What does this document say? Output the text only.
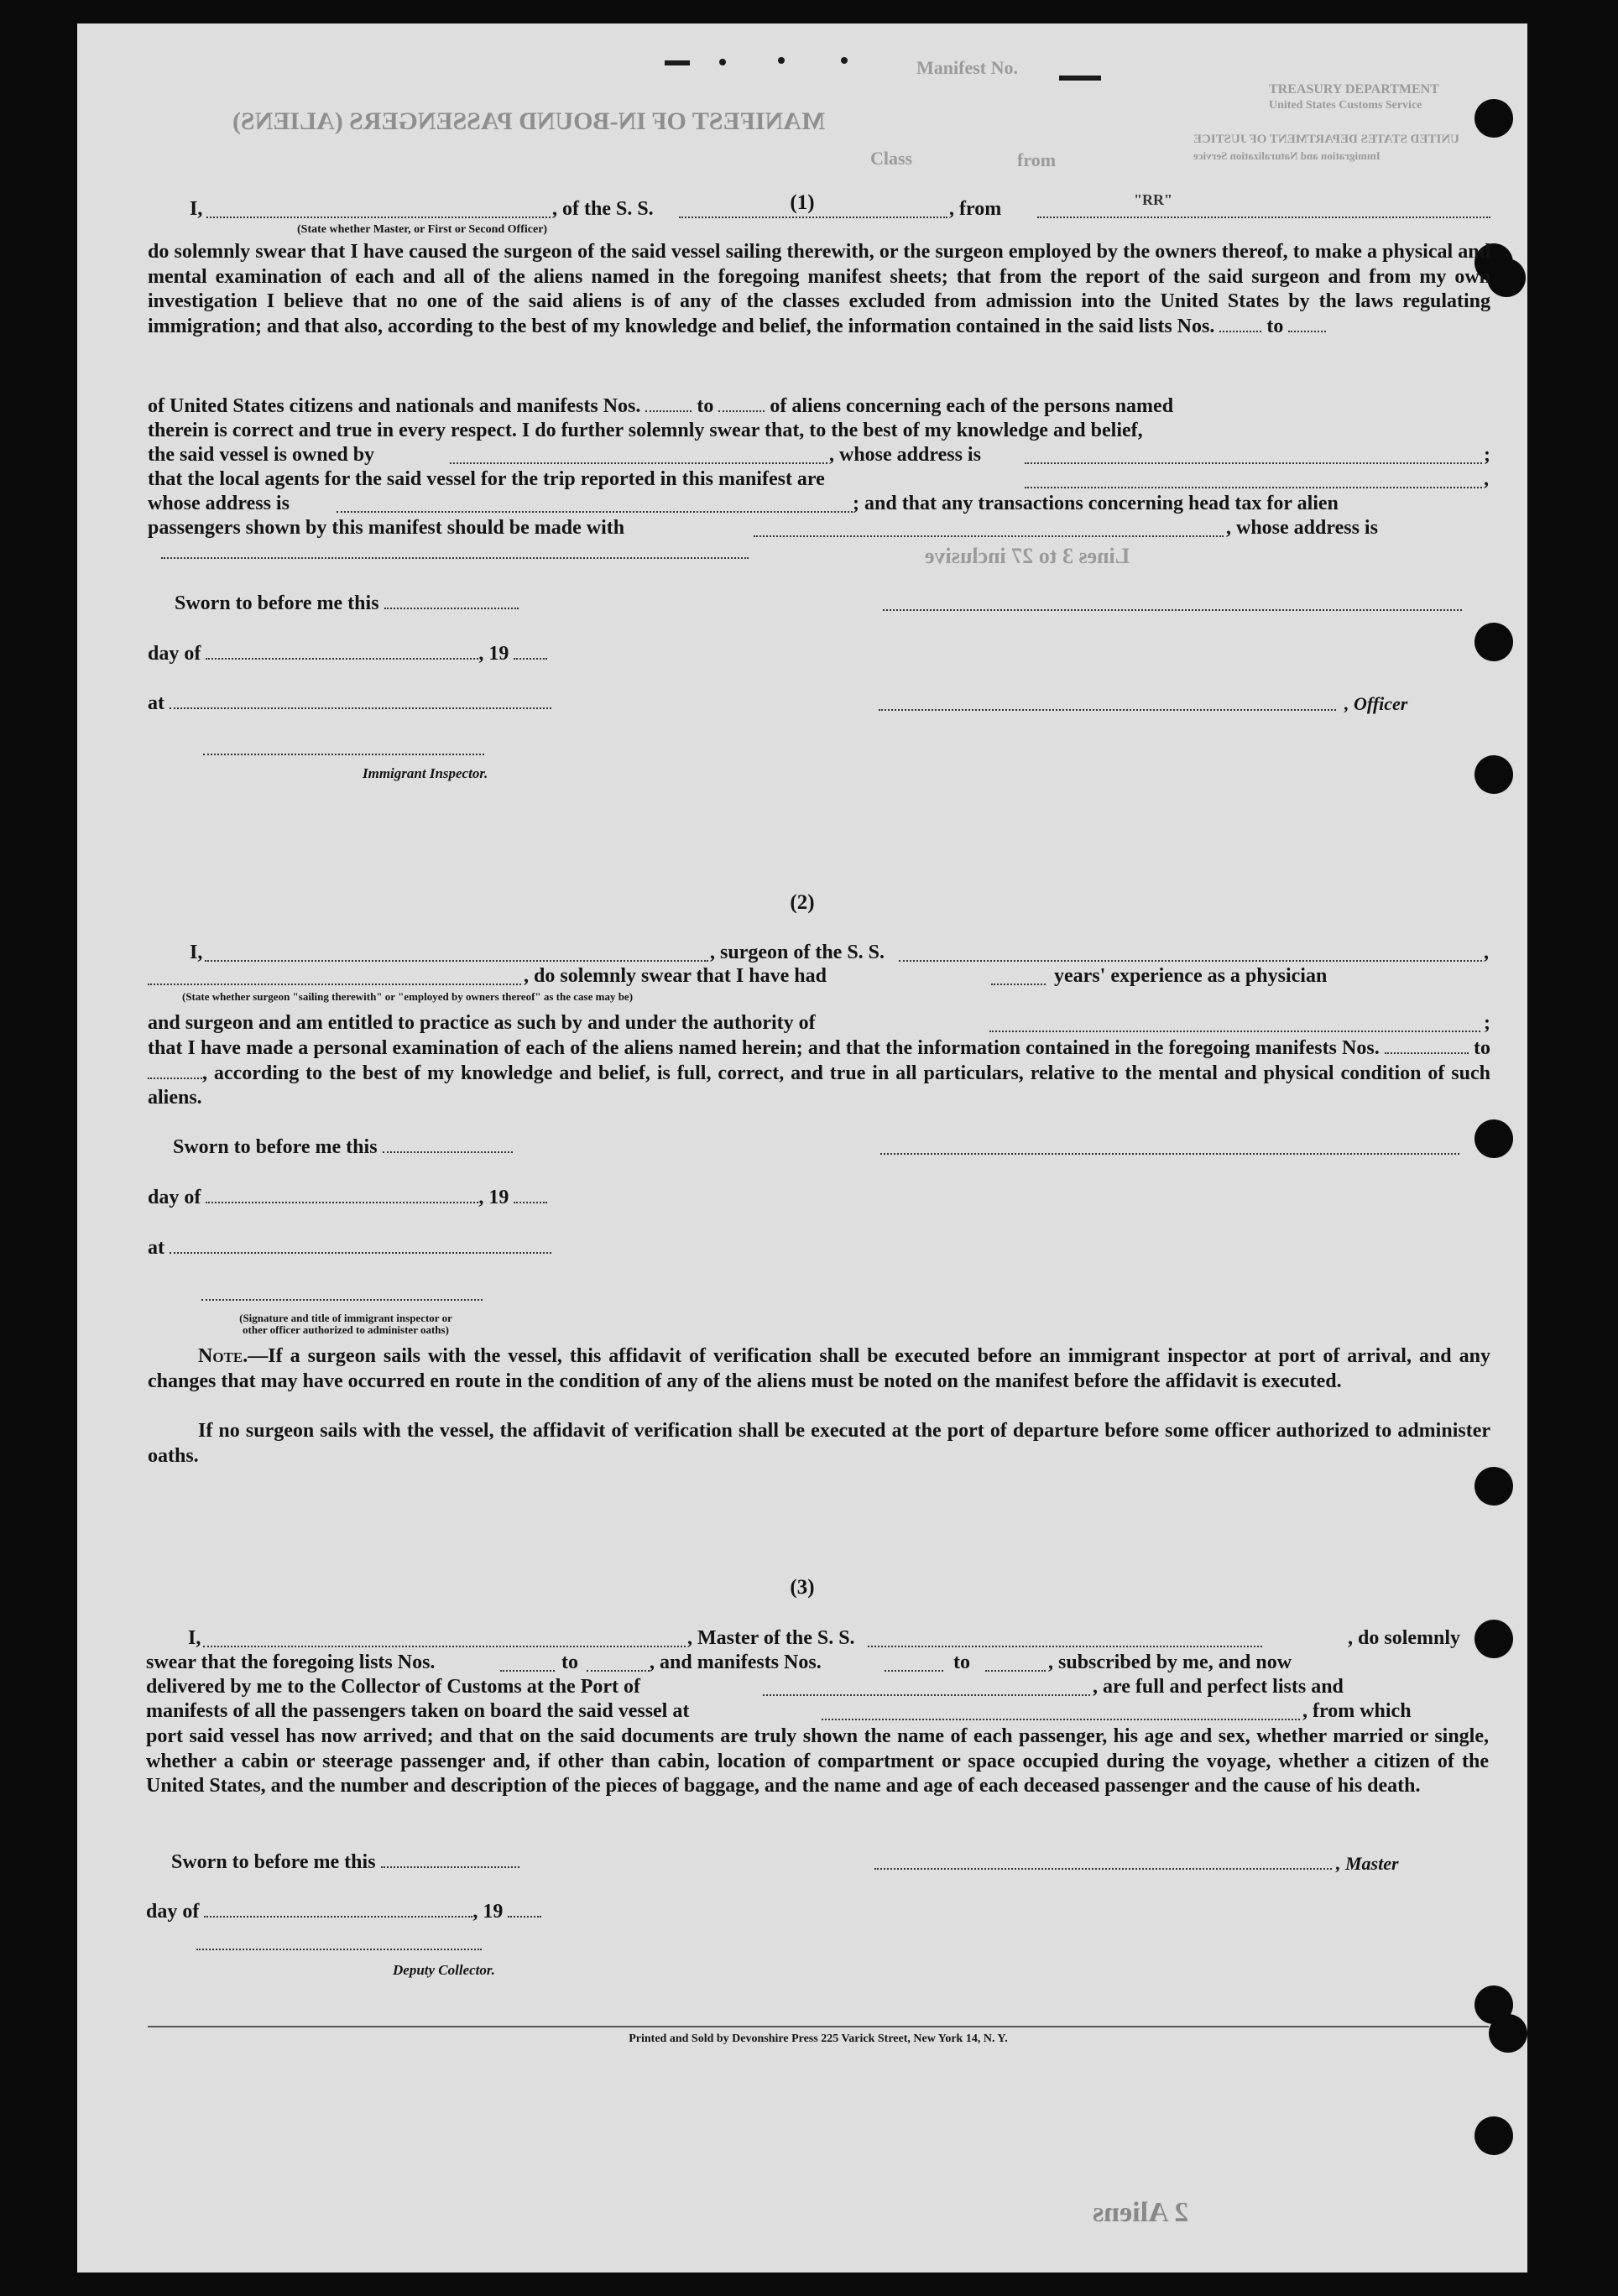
Manifest No.
MANIFEST OF IN-BOUND PASSENGERS (ALIENS)
Class	from
TREASURY DEPARTMENT
United States Customs Service
UNITED STATES DEPARTMENT OF JUSTICE
Immigration and Naturalization Service
(1)
I,	, of the S. S.	, from	"RR"
(State whether Master, or First or Second Officer)
do solemnly swear that I have caused the surgeon of the said vessel sailing therewith, or the surgeon employed by the owners thereof, to make a physical and mental examination of each and all of the aliens named in the foregoing manifest sheets; that from the report of the said surgeon and from my own investigation I believe that no one of the said aliens is of any of the classes excluded from admission into the United States by the laws regulating immigration; and that also, according to the best of my knowledge and belief, the information contained in the said lists Nos.	to
of United States citizens and nationals and manifests Nos.	to	of aliens concerning each of the persons named
therein is correct and true in every respect. I do further solemnly swear that, to the best of my knowledge and belief,
the said vessel is owned by	, whose address is	;
that the local agents for the said vessel for the trip reported in this manifest are	,
whose address is	; and that any transactions concerning head tax for alien
passengers shown by this manifest should be made with	, whose address is
Lines 3 to 27 inclusive
Sworn to before me this
day of	, 19
at	, Officer
Immigrant Inspector.
(2)
I,	, surgeon of the S. S.	,
, do solemnly swear that I have had	years' experience as a physician
(State whether surgeon "sailing therewith" or "employed by owners thereof" as the case may be)
and surgeon and am entitled to practice as such by and under the authority of	;
that I have made a personal examination of each of the aliens named herein; and that the information contained in the foregoing manifests Nos.	to , according to the best of my knowledge and belief, is full, correct, and true in all particulars, relative to the mental and physical condition of such aliens.
Sworn to before me this
day of	, 19
at
(Signature and title of immigrant inspector or
other officer authorized to administer oaths)
Note.—If a surgeon sails with the vessel, this affidavit of verification shall be executed before an immigrant inspector at port of arrival, and any changes that may have occurred en route in the condition of any of the aliens must be noted on the manifest before the affidavit is executed.
If no surgeon sails with the vessel, the affidavit of verification shall be executed at the port of departure before some officer authorized to administer oaths.
(3)
I,	, Master of the S. S.	, do solemnly
swear that the foregoing lists Nos.	to	, and manifests Nos.	to	, subscribed by me, and now
delivered by me to the Collector of Customs at the Port of	, are full and perfect lists and
manifests of all the passengers taken on board the said vessel at	, from which
port said vessel has now arrived; and that on the said documents are truly shown the name of each passenger, his age and sex, whether married or single, whether a cabin or steerage passenger and, if other than cabin, location of compartment or space occupied during the voyage, whether a citizen of the United States, and the number and description of the pieces of baggage, and the name and age of each deceased passenger and the cause of his death.
Sworn to before me this	, Master
day of	, 19
Deputy Collector.
Printed and Sold by Devonshire Press 225 Varick Street, New York 14, N. Y.
2 Aliens
